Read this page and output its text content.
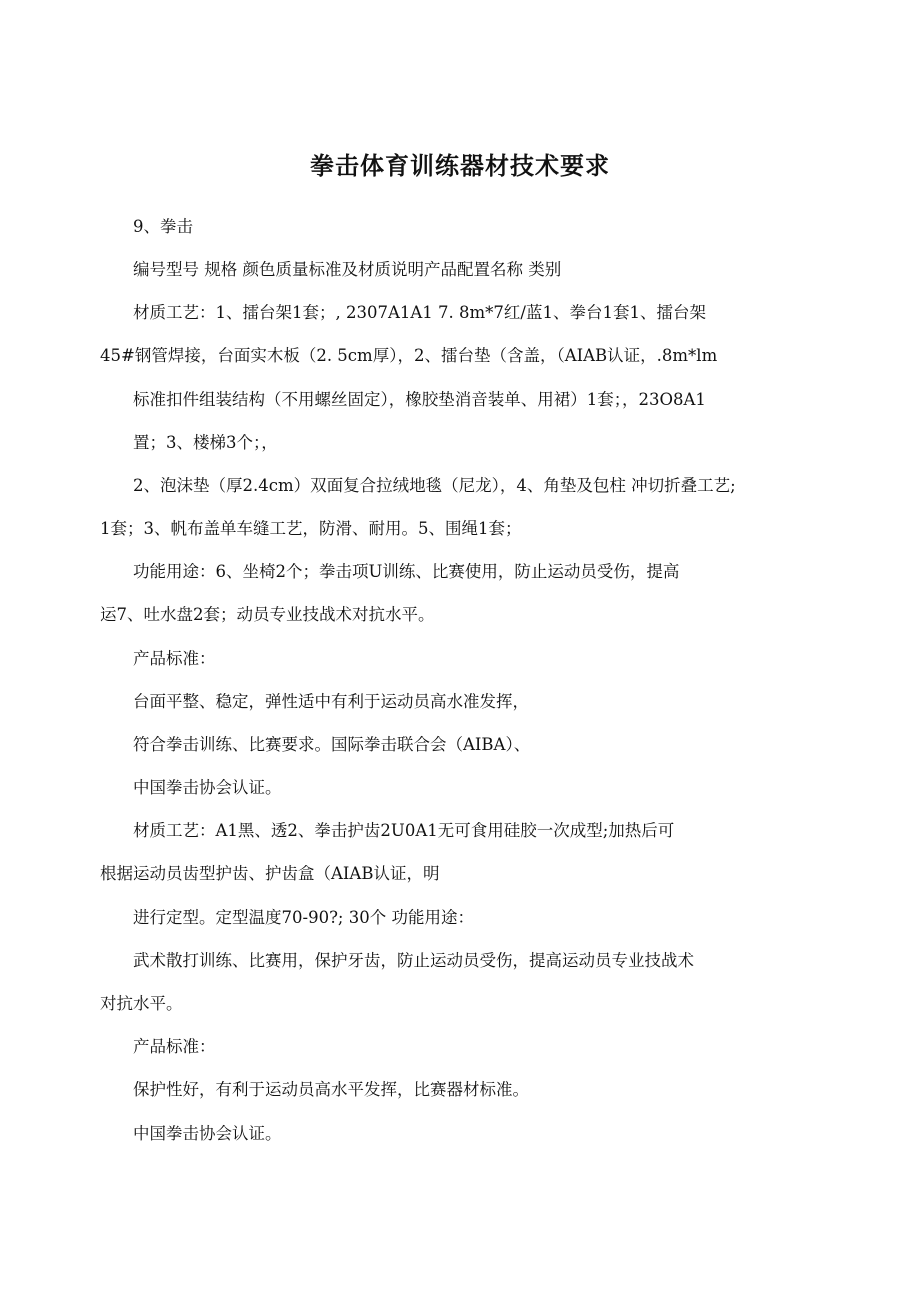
拳击体育训练器材技术要求
9、拳击
编号型号 规格 颜色质量标准及材质说明产品配置名称 类别
材质工艺：1、擂台架1套；, 2307A1A1 7. 8m*7红/蓝1、拳台1套1、擂台架
45#钢管焊接，台面实木板（2. 5cm厚），2、擂台垫（含盖，（AIAB认证，.8m*lm
标准扣件组装结构（不用螺丝固定），橡胶垫消音装单、用裙）1套；，23O8A1
置；3、楼梯3个；，
2、泡沫垫（厚2.4cm）双面复合拉绒地毯（尼龙），4、角垫及包柱 冲切折叠工艺;
1套；3、帆布盖单车缝工艺，防滑、耐用。5、围绳1套；
功能用途：6、坐椅2个；拳击项U训练、比赛使用，防止运动员受伤，提高
运7、吐水盘2套；动员专业技战术对抗水平。
产品标准：
台面平整、稳定，弹性适中有利于运动员高水准发挥，
符合拳击训练、比赛要求。国际拳击联合会（AIBA）、
中国拳击协会认证。
材质工艺：A1黑、透2、拳击护齿2U0A1无可食用硅胶一次成型;加热后可
根据运动员齿型护齿、护齿盒（AIAB认证，明
进行定型。定型温度70-90?; 30个 功能用途：
武术散打训练、比赛用，保护牙齿，防止运动员受伤，提高运动员专业技战术
对抗水平。
产品标准：
保护性好，有利于运动员高水平发挥，比赛器材标准。
中国拳击协会认证。
